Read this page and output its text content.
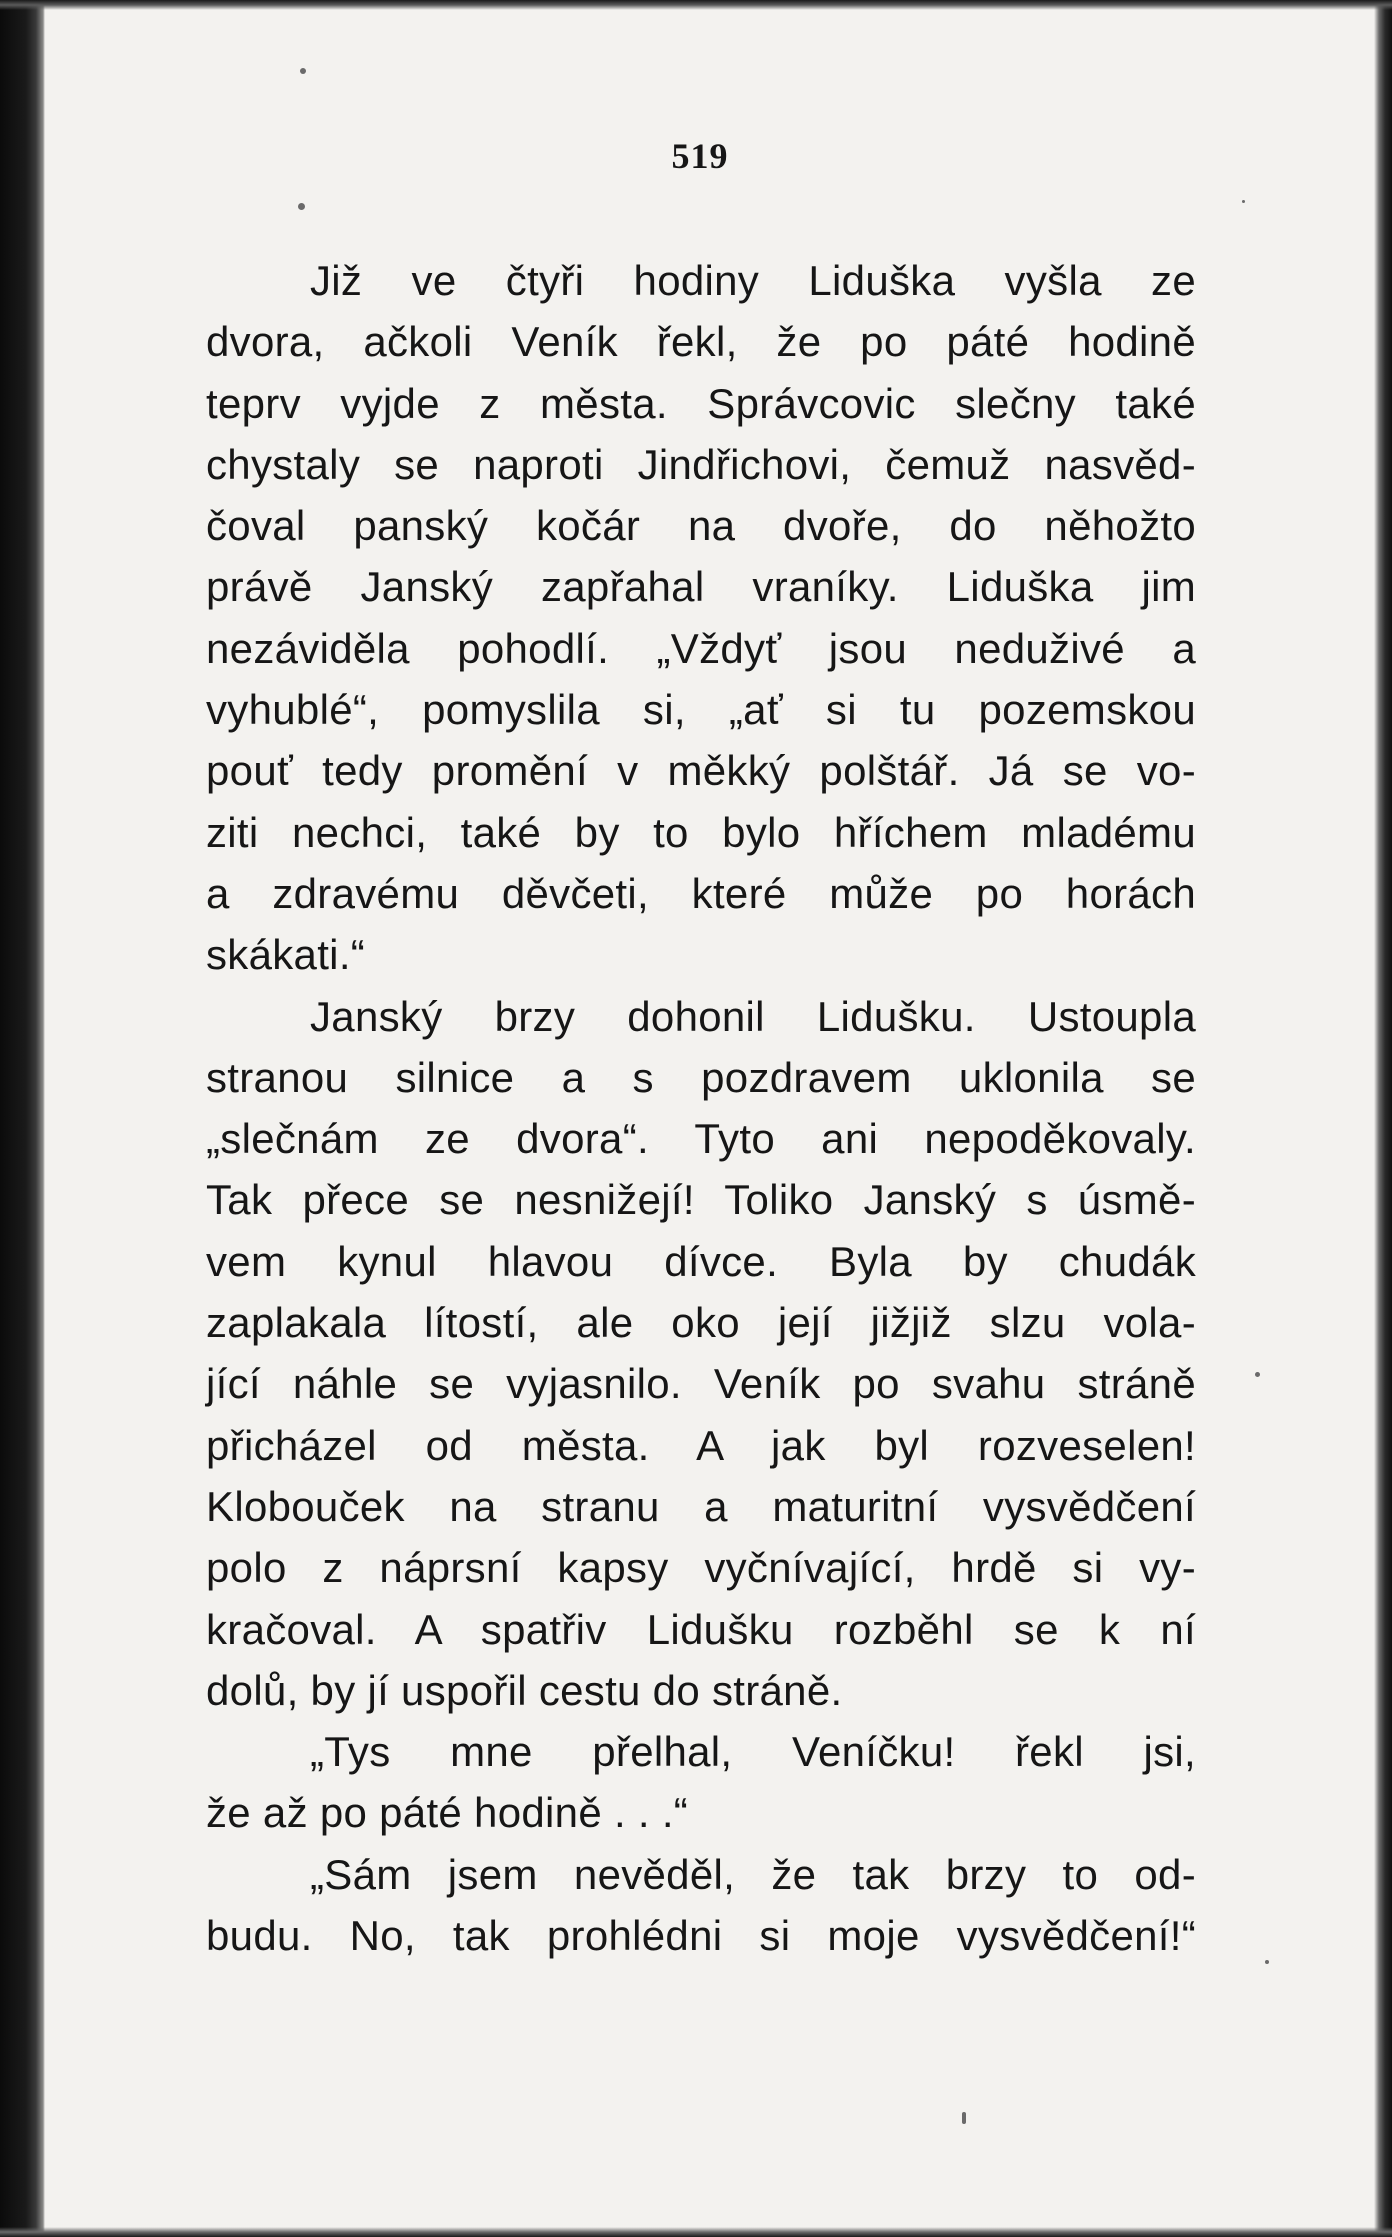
519
Již ve čtyři hodiny Liduška vyšla ze
dvora, ačkoli Veník řekl, že po páté hodině
teprv vyjde z města. Správcovic slečny také
chystaly se naproti Jindřichovi, čemuž nasvěd-
čoval panský kočár na dvoře, do něhožto
právě Janský zapřahal vraníky. Liduška jim
nezáviděla pohodlí. „Vždyť jsou neduživé a
vyhublé“, pomyslila si, „ať si tu pozemskou
pouť tedy promění v měkký polštář. Já se vo-
ziti nechci, také by to bylo hříchem mladému
a zdravému děvčeti, které může po horách
skákati.“
Janský brzy dohonil Lidušku. Ustoupla
stranou silnice a s pozdravem uklonila se
„slečnám ze dvora“. Tyto ani nepoděkovaly.
Tak přece se nesnižejí! Toliko Janský s úsmě-
vem kynul hlavou dívce. Byla by chudák
zaplakala lítostí, ale oko její jižjiž slzu vola-
jící náhle se vyjasnilo. Veník po svahu stráně
přicházel od města. A jak byl rozveselen!
Klobouček na stranu a maturitní vysvědčení
polo z náprsní kapsy vyčnívající, hrdě si vy-
kračoval. A spatřiv Lidušku rozběhl se k ní
dolů, by jí uspořil cestu do stráně.
„Tys mne přelhal, Veníčku! řekl jsi,
že až po páté hodině . . .“
„Sám jsem nevěděl, že tak brzy to od-
budu. No, tak prohlédni si moje vysvědčení!“
